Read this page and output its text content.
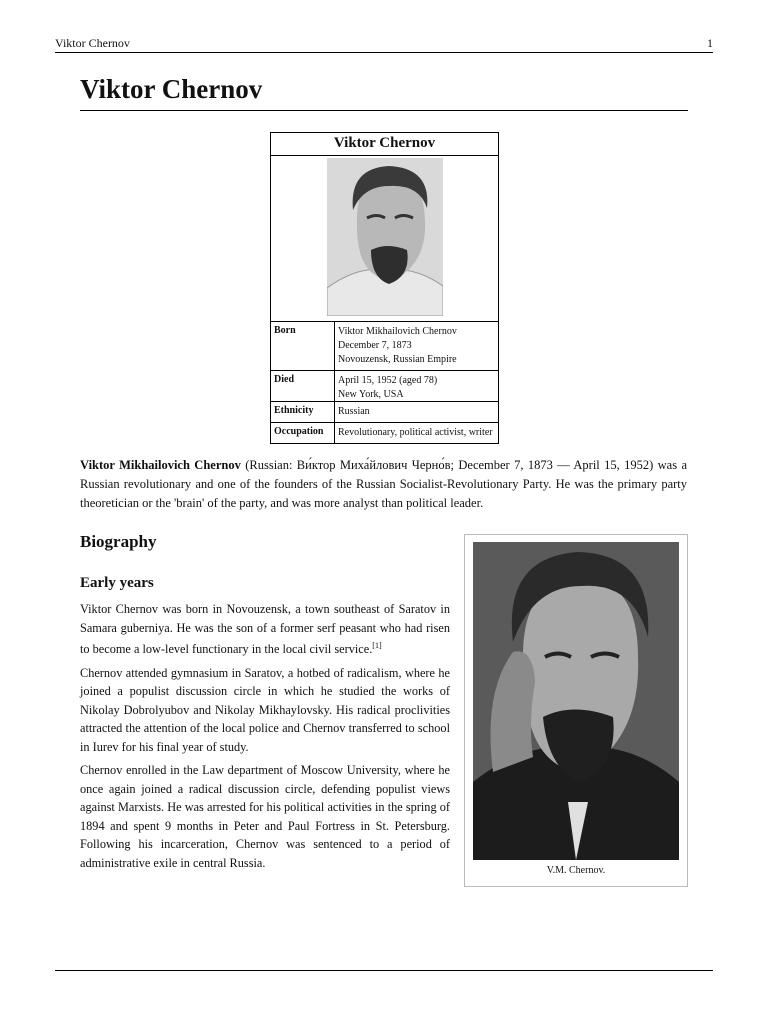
Viktor Chernov	1
Viktor Chernov
Viktor Chernov
Born	Viktor Mikhailovich Chernov
December 7, 1873
Novouzensk, Russian Empire
Died	April 15, 1952 (aged 78)
New York, USA
Ethnicity	Russian
Occupation	Revolutionary, political activist, writer

Viktor Mikhailovich Chernov (Russian: Ви́ктор Миха́йлович Черно́в; December 7, 1873 — April 15, 1952) was a Russian revolutionary and one of the founders of the Russian Socialist-Revolutionary Party. He was the primary party theoretician or the 'brain' of the party, and was more analyst than political leader.

Biography
Early years

Viktor Chernov was born in Novouzensk, a town southeast of Saratov in Samara guberniya. He was the son of a former serf peasant who had risen to become a low-level functionary in the local civil service.[1]

Chernov attended gymnasium in Saratov, a hotbed of radicalism, where he joined a populist discussion circle in which he studied the works of Nikolay Dobrolyubov and Nikolay Mikhaylovsky. His radical proclivities attracted the attention of the local police and Chernov transferred to school in Iurev for his final year of study.

Chernov enrolled in the Law department of Moscow University, where he once again joined a radical discussion circle, defending populist views against Marxists. He was arrested for his political activities in the spring of 1894 and spent 9 months in Peter and Paul Fortress in St. Petersburg. Following his incarceration, Chernov was sentenced to a period of administrative exile in central Russia.

V.M. Chernov.
